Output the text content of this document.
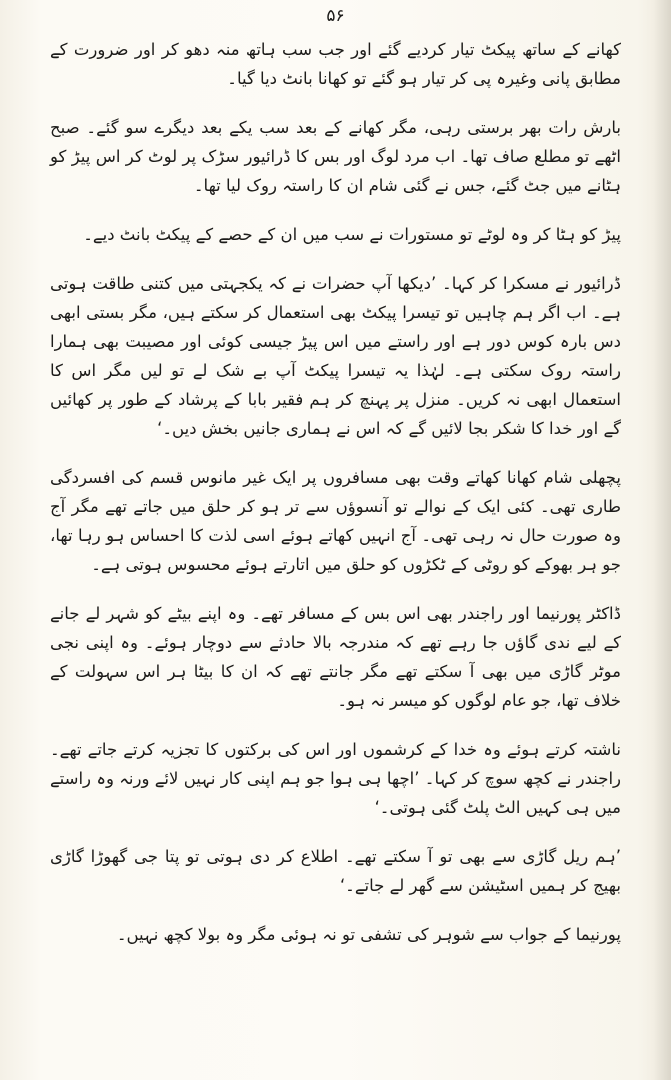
۵۶

کھانے کے ساتھ پیکٹ تیار کردیے گئے اور جب سب ہاتھ منہ دھو کر اور ضرورت کے مطابق پانی وغیرہ پی کر تیار ہو گئے تو کھانا بانٹ دیا گیا۔

بارش رات بھر برستی رہی، مگر کھانے کے بعد سب یکے بعد دیگرے سو گئے۔ صبح اٹھے تو مطلع صاف تھا۔ اب مرد لوگ اور بس کا ڈرائیور سڑک پر لوٹ کر اس پیڑ کو ہٹانے میں جٹ گئے، جس نے گئی شام ان کا راستہ روک لیا تھا۔

پیڑ کو ہٹا کر وہ لوٹے تو مستورات نے سب میں ان کے حصے کے پیکٹ بانٹ دیے۔

ڈرائیور نے مسکرا کر کہا۔ ’دیکھا آپ حضرات نے کہ یکجہتی میں کتنی طاقت ہوتی ہے۔ اب اگر ہم چاہیں تو تیسرا پیکٹ بھی استعمال کر سکتے ہیں، مگر بستی ابھی دس بارہ کوس دور ہے اور راستے میں اس پیڑ جیسی کوئی اور مصیبت بھی ہمارا راستہ روک سکتی ہے۔ لہٰذا یہ تیسرا پیکٹ آپ بے شک لے تو لیں مگر اس کا استعمال ابھی نہ کریں۔ منزل پر پہنچ کر ہم فقیر بابا کے پرشاد کے طور پر کھائیں گے اور خدا کا شکر بجا لائیں گے کہ اس نے ہماری جانیں بخش دیں۔‘

پچھلی شام کھانا کھاتے وقت بھی مسافروں پر ایک غیر مانوس قسم کی افسردگی طاری تھی۔ کئی ایک کے نوالے تو آنسوؤں سے تر ہو کر حلق میں جاتے تھے مگر آج وہ صورت حال نہ رہی تھی۔ آج انہیں کھاتے ہوئے اسی لذت کا احساس ہو رہا تھا، جو ہر بھوکے کو روٹی کے ٹکڑوں کو حلق میں اتارتے ہوئے محسوس ہوتی ہے۔

ڈاکٹر پورنیما اور راجندر بھی اس بس کے مسافر تھے۔ وہ اپنے بیٹے کو شہر لے جانے کے لیے ندی گاؤں جا رہے تھے کہ مندرجہ بالا حادثے سے دوچار ہوئے۔ وہ اپنی نجی موٹر گاڑی میں بھی آ سکتے تھے مگر جانتے تھے کہ ان کا بیٹا ہر اس سہولت کے خلاف تھا، جو عام لوگوں کو میسر نہ ہو۔

ناشتہ کرتے ہوئے وہ خدا کے کرشموں اور اس کی برکتوں کا تجزیہ کرتے جاتے تھے۔ راجندر نے کچھ سوچ کر کہا۔ ’اچھا ہی ہوا جو ہم اپنی کار نہیں لائے ورنہ وہ راستے میں ہی کہیں الٹ پلٹ گئی ہوتی۔‘

’ہم ریل گاڑی سے بھی تو آ سکتے تھے۔ اطلاع کر دی ہوتی تو پتا جی گھوڑا گاڑی بھیج کر ہمیں اسٹیشن سے گھر لے جاتے۔‘

پورنیما کے جواب سے شوہر کی تشفی تو نہ ہوئی مگر وہ بولا کچھ نہیں۔
